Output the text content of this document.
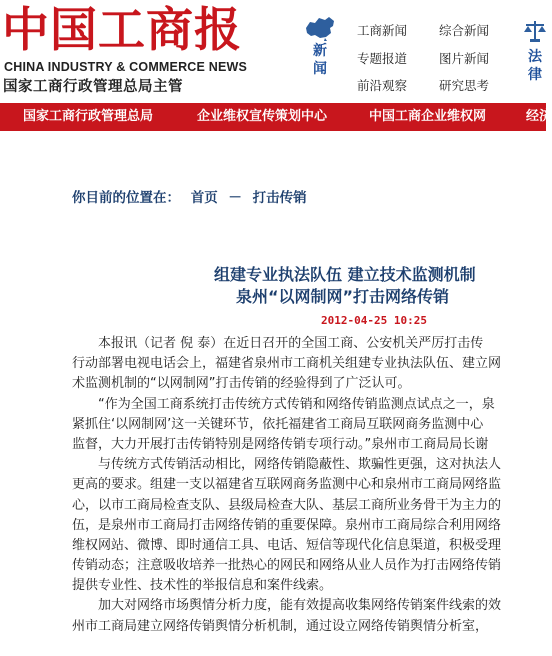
中国工商报
CHINA INDUSTRY & COMMERCE NEWS
国家工商行政管理总局主管
新
闻
工商新闻	综合新闻
专题报道	图片新闻
前沿观察	研究思考
法
律
国家工商行政管理总局	企业维权宣传策划中心	中国工商企业维权网	经济
你目前的位置在： 首页 － 打击传销
组建专业执法队伍 建立技术监测机制
泉州“以网制网”打击网络传销
2012-04-25 10:25
　　本报讯（记者 倪 泰）在近日召开的全国工商、公安机关严厉打击传
行动部署电视电话会上，福建省泉州市工商机关组建专业执法队伍、建立网
术监测机制的“以网制网”打击传销的经验得到了广泛认可。
　　“作为全国工商系统打击传统方式传销和网络传销监测点试点之一，泉
紧抓住‘以网制网’这一关键环节，依托福建省工商局互联网商务监测中心
监督，大力开展打击传销特别是网络传销专项行动。”泉州市工商局局长谢
　　与传统方式传销活动相比，网络传销隐蔽性、欺骗性更强，这对执法人
更高的要求。组建一支以福建省互联网商务监测中心和泉州市工商局网络监
心，以市工商局检查支队、县级局检查大队、基层工商所业务骨干为主力的
伍，是泉州市工商局打击网络传销的重要保障。泉州市工商局综合利用网络
维权网站、微博、即时通信工具、电话、短信等现代化信息渠道，积极受理
传销动态；注意吸收培养一批热心的网民和网络从业人员作为打击网络传销
提供专业性、技术性的举报信息和案件线索。
　　加大对网络市场舆情分析力度，能有效提高收集网络传销案件线索的效
州市工商局建立网络传销舆情分析机制，通过设立网络传销舆情分析室，
